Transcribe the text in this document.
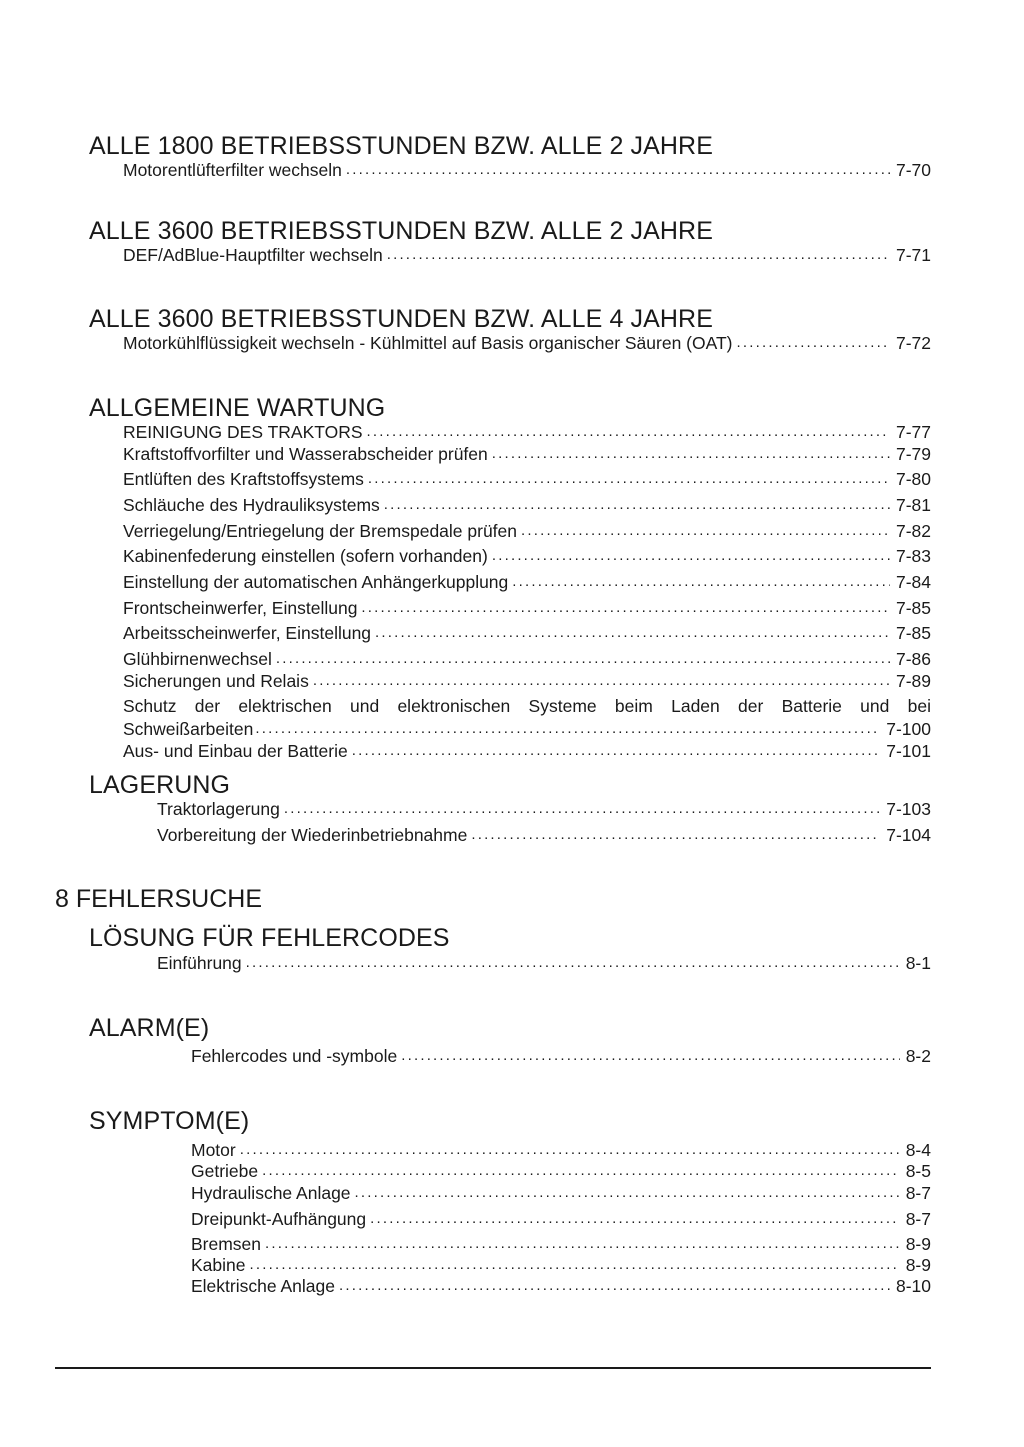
ALLE 1800 BETRIEBSSTUNDEN BZW. ALLE 2 JAHRE
Motorentlüfterfilter wechseln .....	7-70
ALLE 3600 BETRIEBSSTUNDEN BZW. ALLE 2 JAHRE
DEF/AdBlue-Hauptfilter wechseln .....	7-71
ALLE 3600 BETRIEBSSTUNDEN BZW. ALLE 4 JAHRE
Motorkühlflüssigkeit wechseln - Kühlmittel auf Basis organischer Säuren (OAT) .....	7-72
ALLGEMEINE WARTUNG
REINIGUNG DES TRAKTORS .....	7-77
Kraftstoffvorfilter und Wasserabscheider prüfen .....	7-79
Entlüften des Kraftstoffsystems .....	7-80
Schläuche des Hydrauliksystems .....	7-81
Verriegelung/Entriegelung der Bremspedale prüfen .....	7-82
Kabinenfederung einstellen (sofern vorhanden) .....	7-83
Einstellung der automatischen Anhängerkupplung .....	7-84
Frontscheinwerfer, Einstellung .....	7-85
Arbeitsscheinwerfer, Einstellung .....	7-85
Glühbirnenwechsel .....	7-86
Sicherungen und Relais .....	7-89
Schutz der elektrischen und elektronischen Systeme beim Laden der Batterie und bei
Schweißarbeiten .....	7-100
Aus- und Einbau der Batterie .....	7-101
LAGERUNG
Traktorlagerung .....	7-103
Vorbereitung der Wiederinbetriebnahme .....	7-104
8 FEHLERSUCHE
LÖSUNG FÜR FEHLERCODES
Einführung .....	8-1
ALARM(E)
Fehlercodes und -symbole .....	8-2
SYMPTOM(E)
Motor .....	8-4
Getriebe .....	8-5
Hydraulische Anlage .....	8-7
Dreipunkt-Aufhängung .....	8-7
Bremsen .....	8-9
Kabine .....	8-9
Elektrische Anlage .....	8-10
